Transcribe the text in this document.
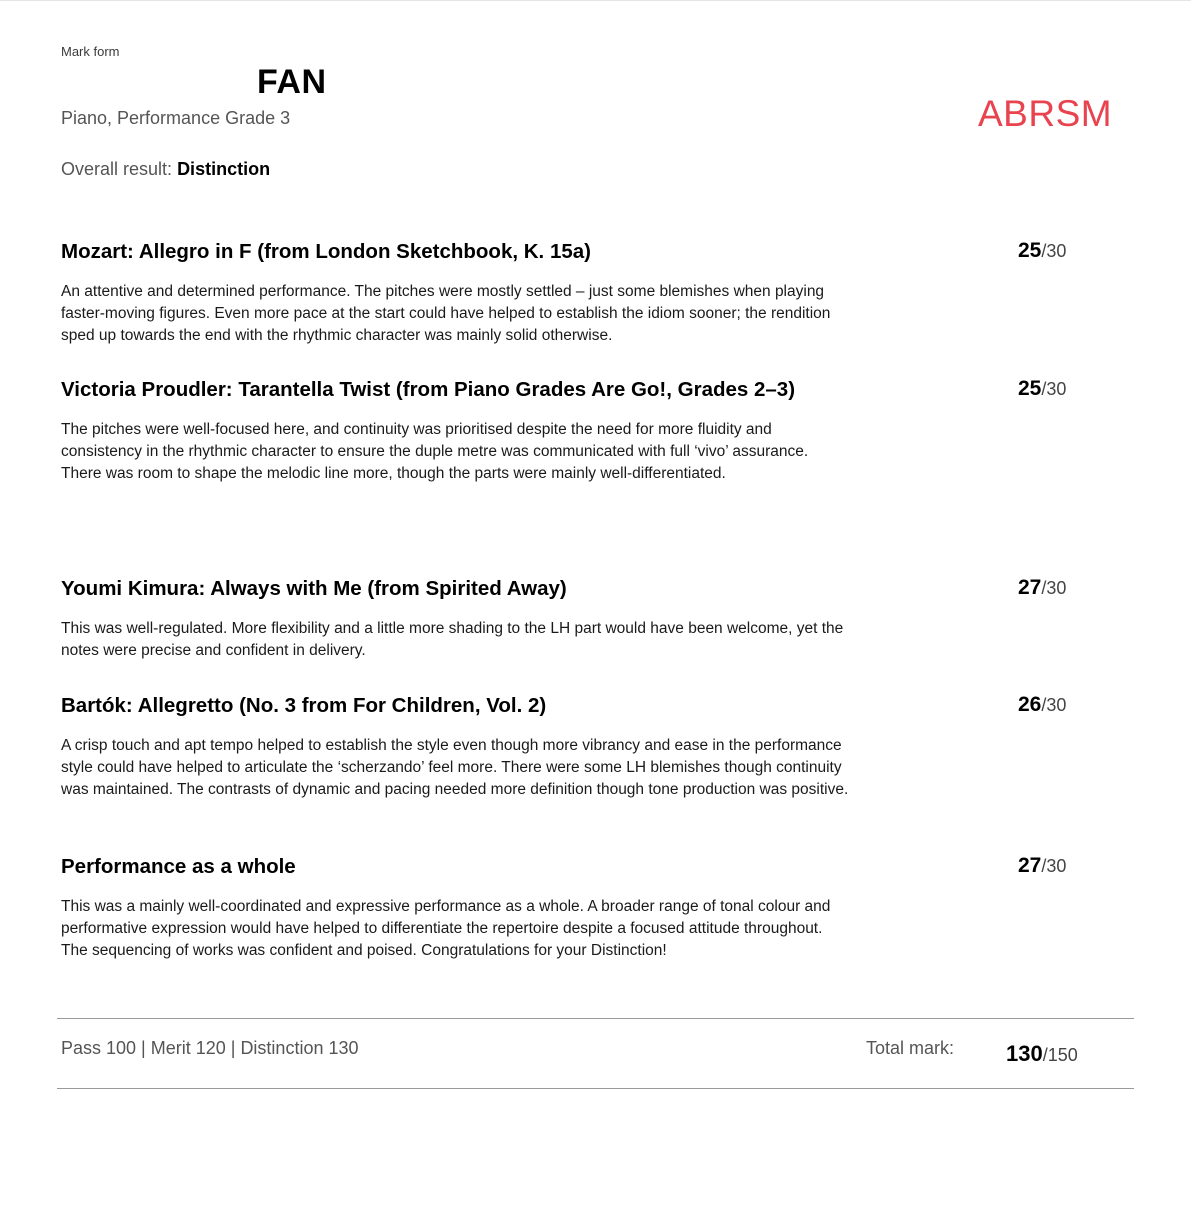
Mark form
FAN
Piano, Performance Grade 3	ABRSM
Overall result: Distinction
Mozart: Allegro in F (from London Sketchbook, K. 15a)	25/30
An attentive and determined performance. The pitches were mostly settled – just some blemishes when playing faster-moving figures. Even more pace at the start could have helped to establish the idiom sooner; the rendition sped up towards the end with the rhythmic character was mainly solid otherwise.
Victoria Proudler: Tarantella Twist (from Piano Grades Are Go!, Grades 2–3)	25/30
The pitches were well-focused here, and continuity was prioritised despite the need for more fluidity and consistency in the rhythmic character to ensure the duple metre was communicated with full ‘vivo’ assurance. There was room to shape the melodic line more, though the parts were mainly well-differentiated.
Youmi Kimura: Always with Me (from Spirited Away)	27/30
This was well-regulated. More flexibility and a little more shading to the LH part would have been welcome, yet the notes were precise and confident in delivery.
Bartók: Allegretto (No. 3 from For Children, Vol. 2)	26/30
A crisp touch and apt tempo helped to establish the style even though more vibrancy and ease in the performance style could have helped to articulate the ‘scherzando’ feel more. There were some LH blemishes though continuity was maintained. The contrasts of dynamic and pacing needed more definition though tone production was positive.
Performance as a whole	27/30
This was a mainly well-coordinated and expressive performance as a whole. A broader range of tonal colour and performative expression would have helped to differentiate the repertoire despite a focused attitude throughout. The sequencing of works was confident and poised. Congratulations for your Distinction!
Pass 100 | Merit 120 | Distinction 130	Total mark: 130/150
